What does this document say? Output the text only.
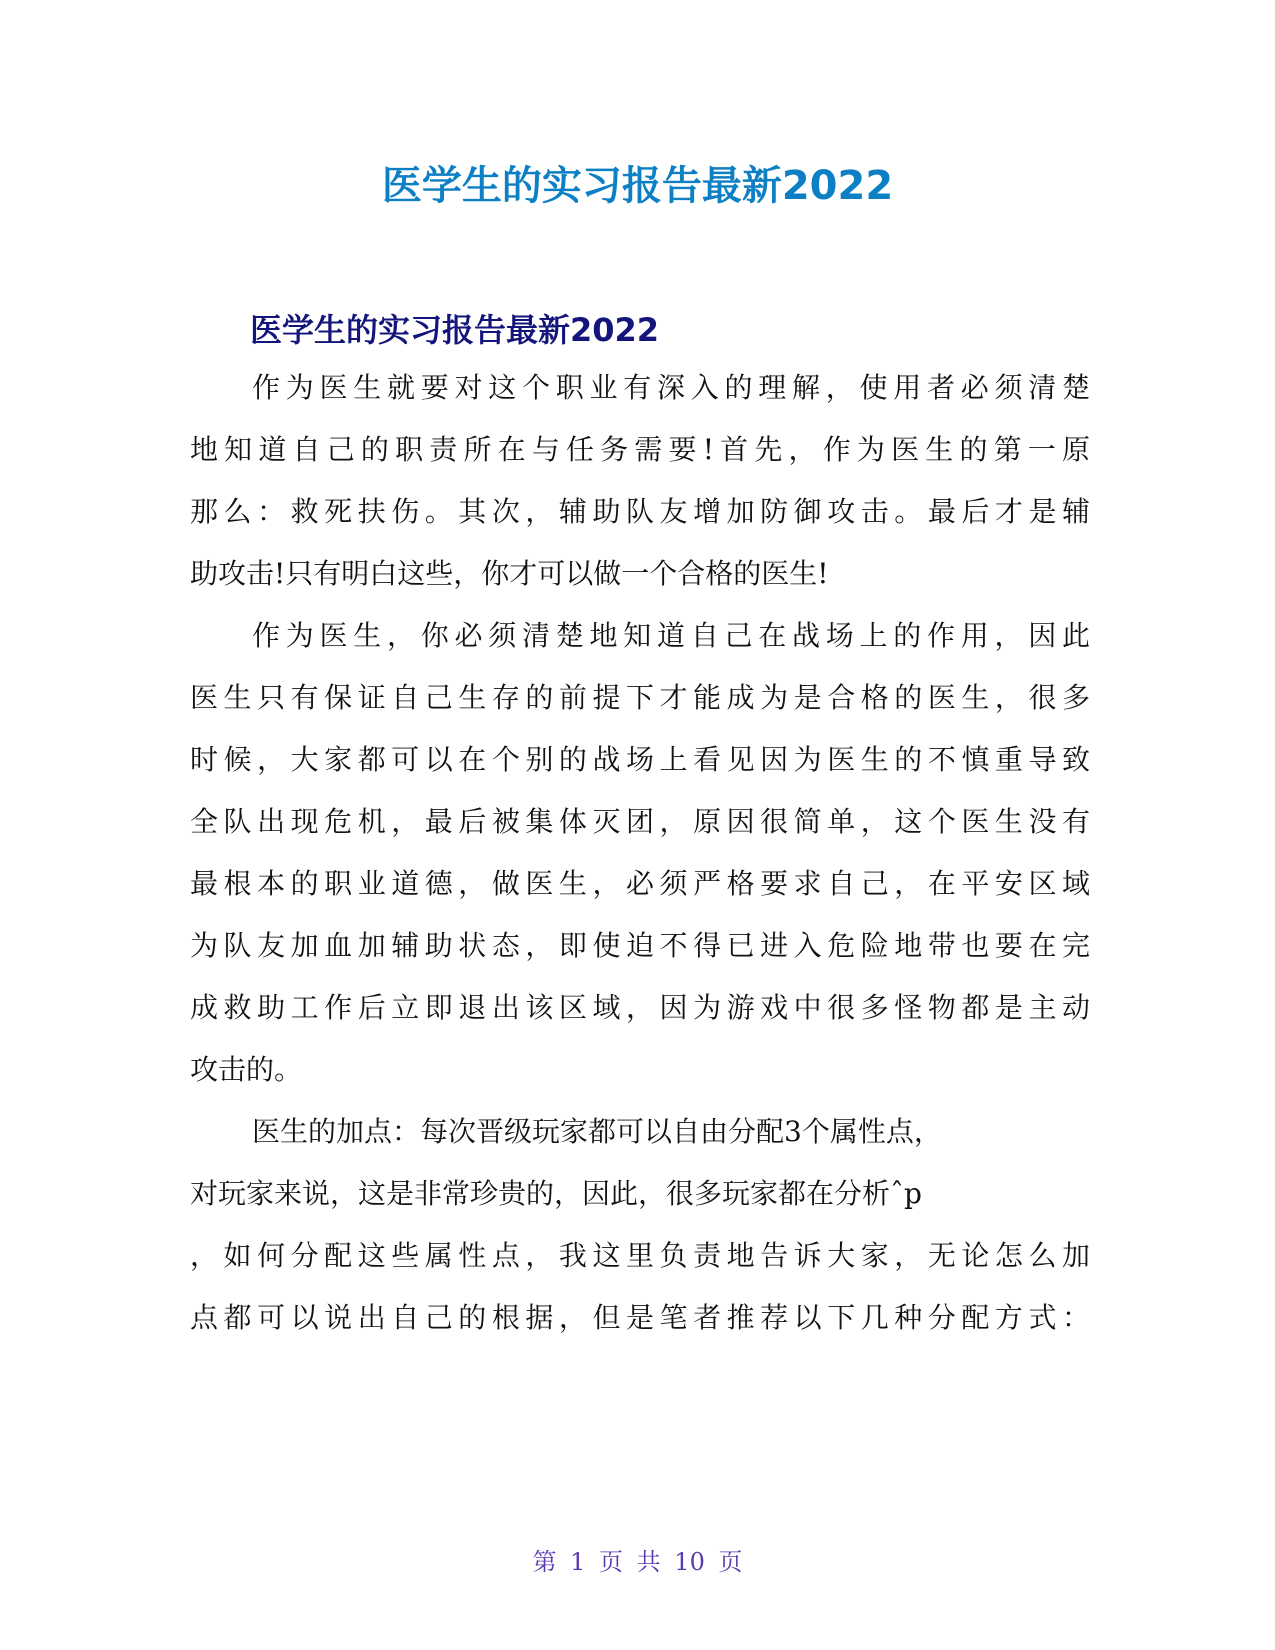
医学生的实习报告最新2022
医学生的实习报告最新2022
作为医生就要对这个职业有深入的理解，使用者必须清楚
地知道自己的职责所在与任务需要!首先，作为医生的第一原
那么：救死扶伤。其次，辅助队友增加防御攻击。最后才是辅
助攻击!只有明白这些，你才可以做一个合格的医生!
作为医生，你必须清楚地知道自己在战场上的作用，因此
医生只有保证自己生存的前提下才能成为是合格的医生，很多
时候，大家都可以在个别的战场上看见因为医生的不慎重导致
全队出现危机，最后被集体灭团，原因很简单，这个医生没有
最根本的职业道德，做医生，必须严格要求自己，在平安区域
为队友加血加辅助状态，即使迫不得已进入危险地带也要在完
成救助工作后立即退出该区域，因为游戏中很多怪物都是主动
攻击的。
医生的加点：每次晋级玩家都可以自由分配3个属性点，
对玩家来说，这是非常珍贵的，因此，很多玩家都在分析ˆp
，如何分配这些属性点，我这里负责地告诉大家，无论怎么加
点都可以说出自己的根据，但是笔者推荐以下几种分配方式：
第 1 页 共 10 页
